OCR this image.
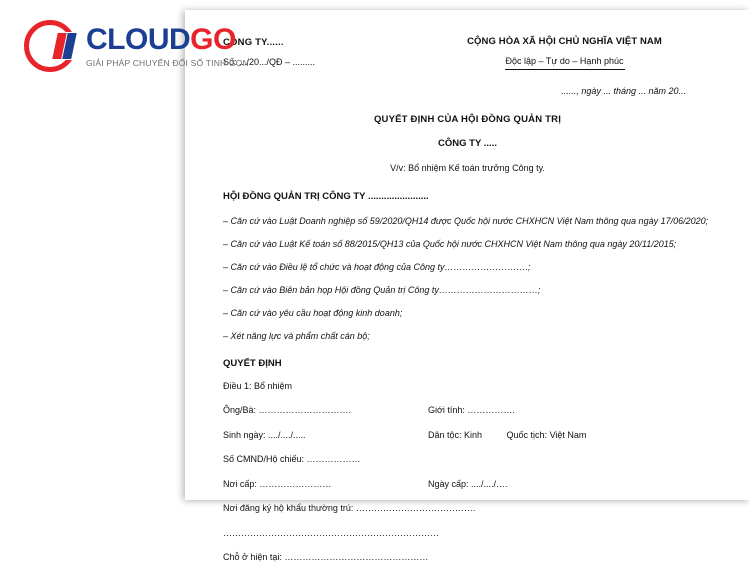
CLOUDGO
GIẢI PHÁP CHUYỂN ĐỔI SỐ TINH GỌN
CÔNG TY......
Số: .../20.../QĐ – .........
CỘNG HÒA XÃ HỘI CHỦ NGHĨA VIỆT NAM
Độc lập – Tự do – Hạnh phúc
......, ngày ... tháng ... năm 20...
QUYẾT ĐỊNH CỦA HỘI ĐỒNG QUẢN TRỊ
CÔNG TY .....
V/v: Bổ nhiệm Kế toán trưởng Công ty.
HỘI ĐỒNG QUẢN TRỊ CÔNG TY .......................

– Căn cứ vào Luật Doanh nghiệp số 59/2020/QH14 được Quốc hội nước CHXHCN Việt Nam thông qua ngày 17/06/2020;

– Căn cứ vào Luật Kế toán số 88/2015/QH13 của Quốc hội nước CHXHCN Việt Nam thông qua ngày 20/11/2015;

– Căn cứ vào Điều lệ tổ chức và hoạt động của Công ty……………………….;

– Căn cứ vào Biên bản họp Hội đồng Quản trị Công ty……………………………;

– Căn cứ vào yêu cầu hoạt động kinh doanh;

– Xét năng lực và phẩm chất cán bộ;

QUYẾT ĐỊNH

Điều 1: Bổ nhiệm

Ông/Bà: ………………………….	Giới tính: …………….
Sinh ngày: ..../..../.....	Dân tộc: Kinh	Quốc tịch: Việt Nam

Số CMND/Hộ chiếu: ………………

Nơi cấp: ……………………	Ngày cấp: ..../..../….

Nơi đăng ký hộ khẩu thường trú: ………………………………….

………………………………………………………………

Chỗ ở hiện tại: …………………………………………
